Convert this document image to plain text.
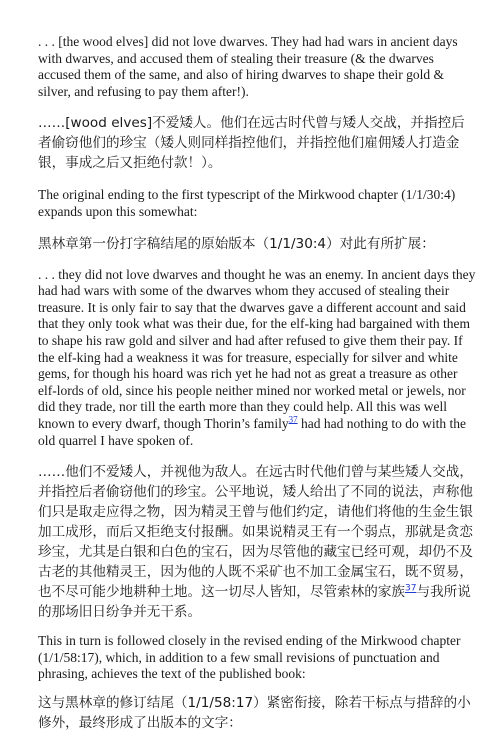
. . . [the wood elves] did not love dwarves. They had had wars in ancient days with dwarves, and accused them of stealing their treasure (& the dwarves accused them of the same, and also of hiring dwarves to shape their gold & silver, and refusing to pay them after!).

……[wood elves]不爱矮人。他们在远古时代曾与矮人交战，并指控后者偷窃他们的珍宝（矮人则同样指控他们，并指控他们雇佣矮人打造金银，事成之后又拒绝付款！）。

The original ending to the first typescript of the Mirkwood chapter (1/1/30:4) expands upon this somewhat:

黑林章第一份打字稿结尾的原始版本（1/1/30:4）对此有所扩展：

. . . they did not love dwarves and thought he was an enemy. In ancient days they had had wars with some of the dwarves whom they accused of stealing their treasure. It is only fair to say that the dwarves gave a different account and said that they only took what was their due, for the elf-king had bargained with them to shape his raw gold and silver and had after refused to give them their pay. If the elf-king had a weakness it was for treasure, especially for silver and white gems, for though his hoard was rich yet he had not as great a treasure as other elf-lords of old, since his people neither mined nor worked metal or jewels, nor did they trade, nor till the earth more than they could help. All this was well known to every dwarf, though Thorin’s family$^{37}$ had had nothing to do with the old quarrel I have spoken of.

……他们不爱矮人，并视他为敌人。在远古时代他们曾与某些矮人交战，并指控后者偷窃他们的珍宝。公平地说，矮人给出了不同的说法，声称他们只是取走应得之物，因为精灵王曾与他们约定，请他们将他的生金生银加工成形，而后又拒绝支付报酬。如果说精灵王有一个弱点，那就是贪恋珍宝，尤其是白银和白色的宝石，因为尽管他的藏宝已经可观，却仍不及古老的其他精灵王，因为他的人既不采矿也不加工金属宝石，既不贸易，也不尽可能少地耕种土地。这一切尽人皆知，尽管索林的家族$^{37}$与我所说的那场旧日纷争并无干系。

This in turn is followed closely in the revised ending of the Mirkwood chapter (1/1/58:17), which, in addition to a few small revisions of punctuation and phrasing, achieves the text of the published book:

这与黑林章的修订结尾（1/1/58:17）紧密衔接，除若干标点与措辞的小修外，最终形成了出版本的文字：
